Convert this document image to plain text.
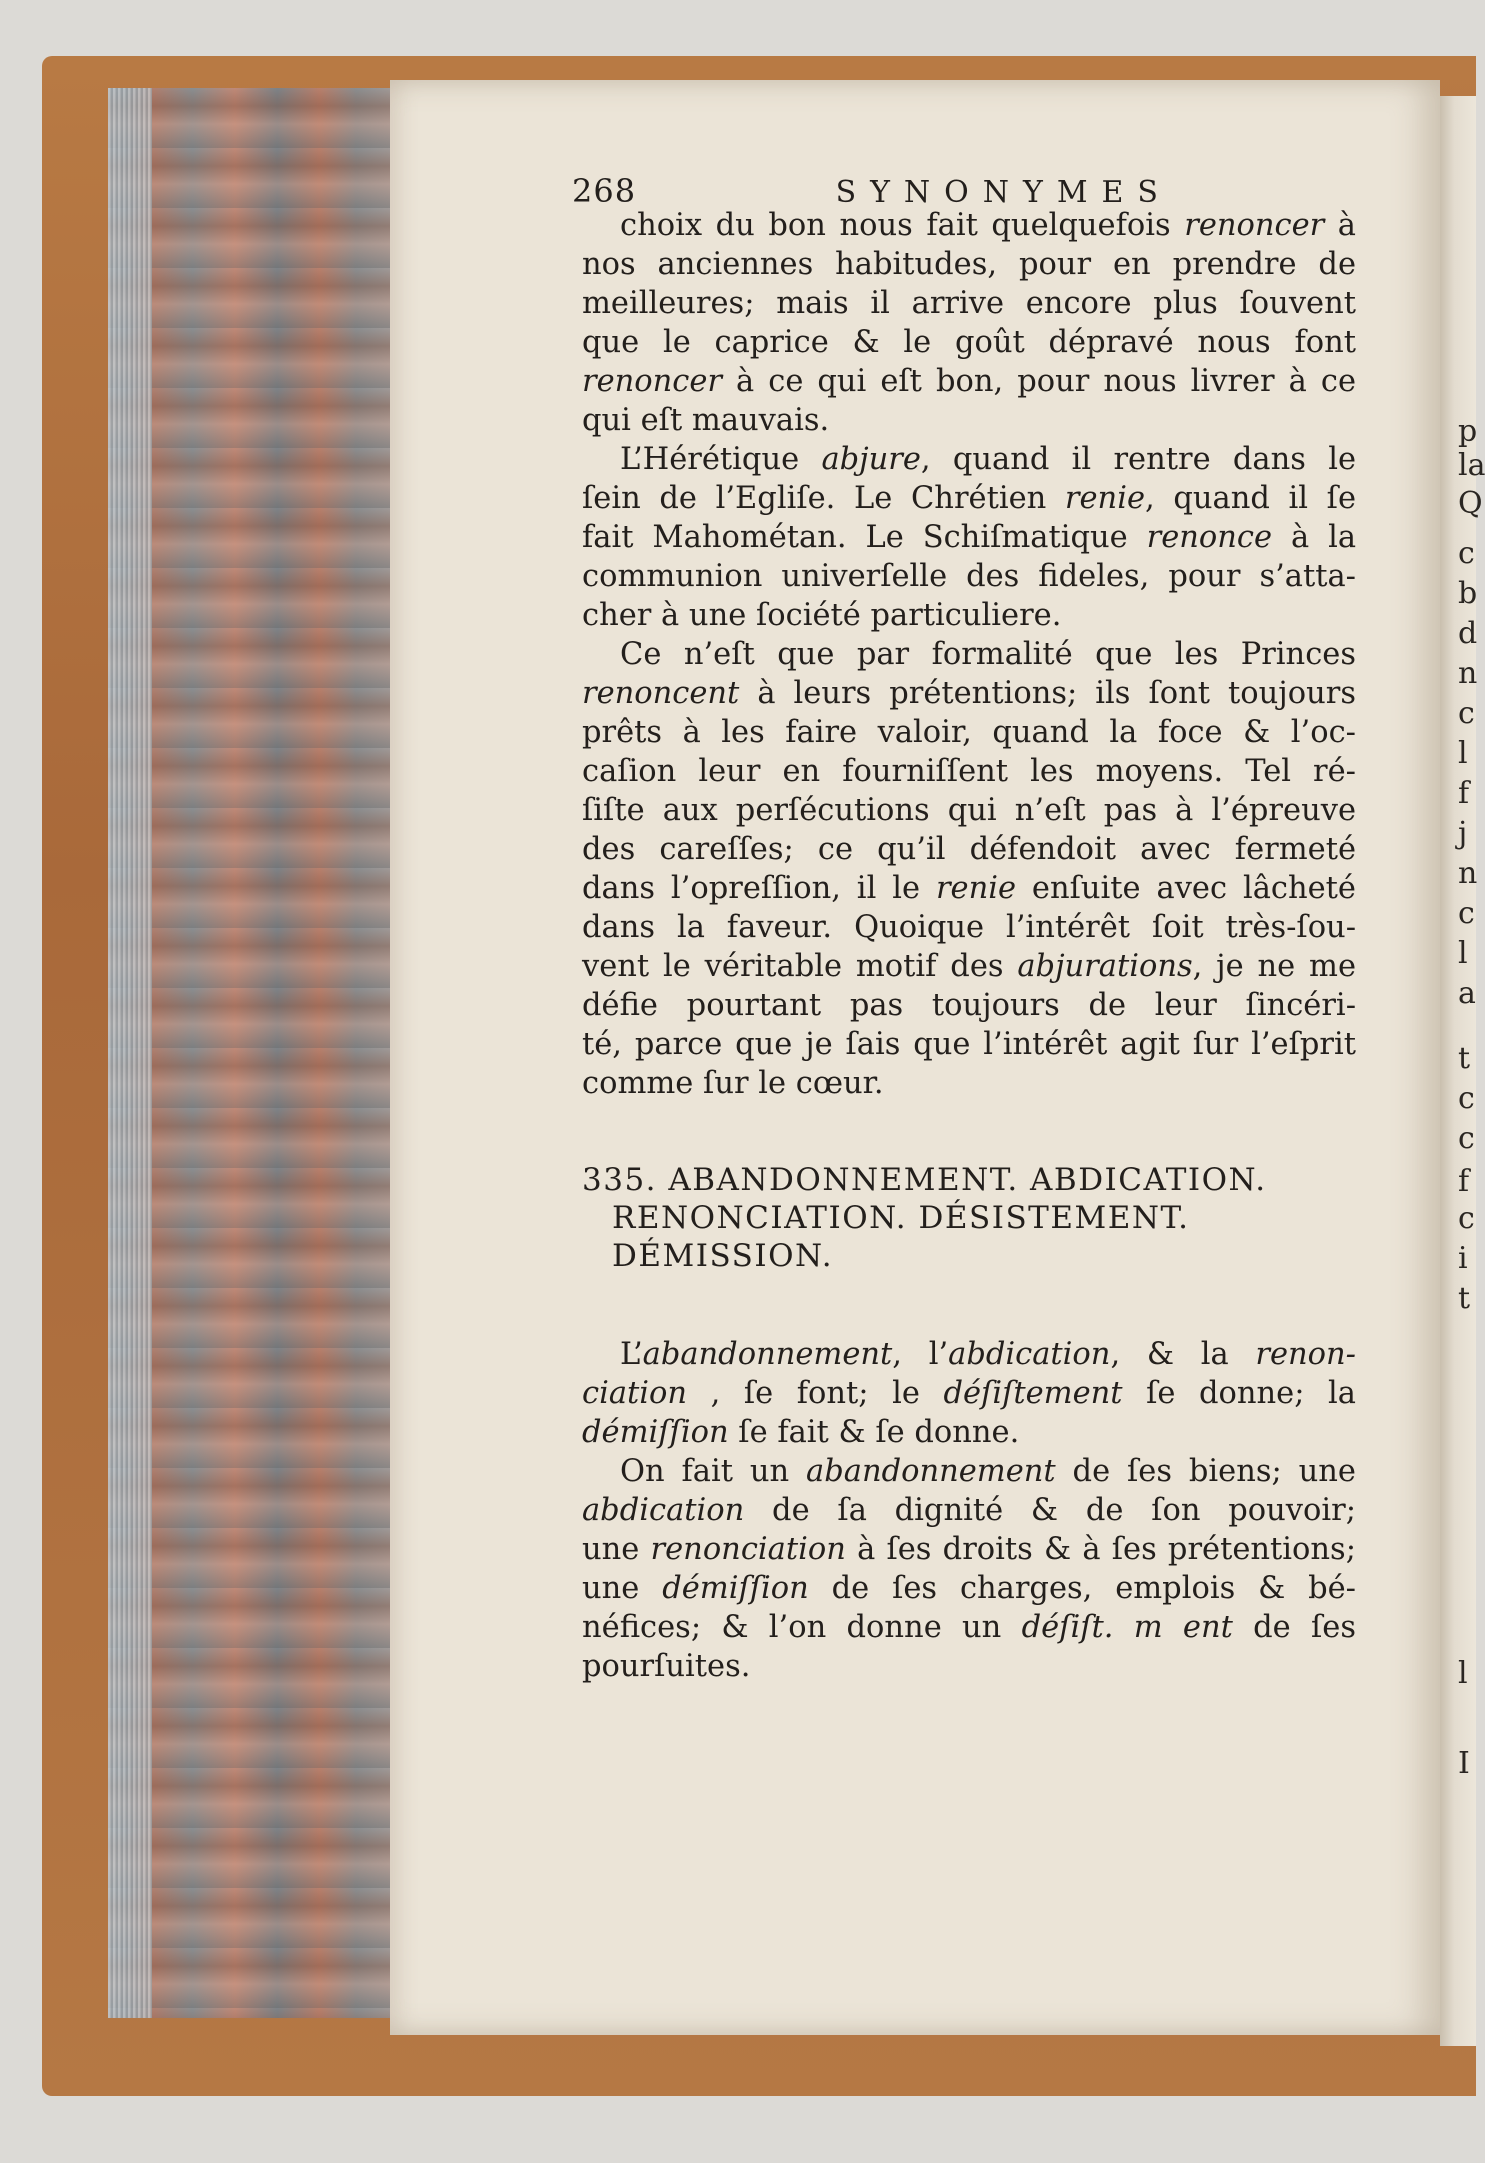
p
la
Q
c
b
d
n
c
l
f
j
n
c
l
a
t
c
c
f
c
i
t
l
I
268	SYNONYMES
choix du bon nous fait quelquefois renoncer à
nos anciennes habitudes, pour en prendre de
meilleures; mais il arrive encore plus ſouvent
que le caprice & le goût dépravé nous font
renoncer à ce qui eſt bon, pour nous livrer à ce
qui eſt mauvais.
L’Hérétique abjure, quand il rentre dans le
ſein de l’Egliſe. Le Chrétien renie, quand il ſe
fait Mahométan. Le Schiſmatique renonce à la
communion univerſelle des fideles, pour s’atta-
cher à une ſociété particuliere.
Ce n’eſt que par formalité que les Princes
renoncent à leurs prétentions; ils ſont toujours
prêts à les faire valoir, quand la foce & l’oc-
caſion leur en fourniſſent les moyens. Tel ré-
ſiſte aux perſécutions qui n’eſt pas à l’épreuve
des careſſes; ce qu’il défendoit avec fermeté
dans l’opreſſion, il le renie enſuite avec lâcheté
dans la faveur. Quoique l’intérêt ſoit très-ſou-
vent le véritable motif des abjurations, je ne me
défie pourtant pas toujours de leur ſincéri-
té, parce que je ſais que l’intérêt agit ſur l’eſprit
comme ſur le cœur.
335. ABANDONNEMENT. ABDICATION.
RENONCIATION. DÉSISTEMENT.
DÉMISSION.
L’abandonnement, l’abdication, & la renon-
ciation , ſe font; le déſiſtement ſe donne; la
démiſſion ſe fait & ſe donne.
On fait un abandonnement de ſes biens; une
abdication de ſa dignité & de ſon pouvoir;
une renonciation à ſes droits & à ſes prétentions;
une démiſſion de ſes charges, emplois & bé-
néfices; & l’on donne un déſiſt. m ent de ſes
pourſuites.
